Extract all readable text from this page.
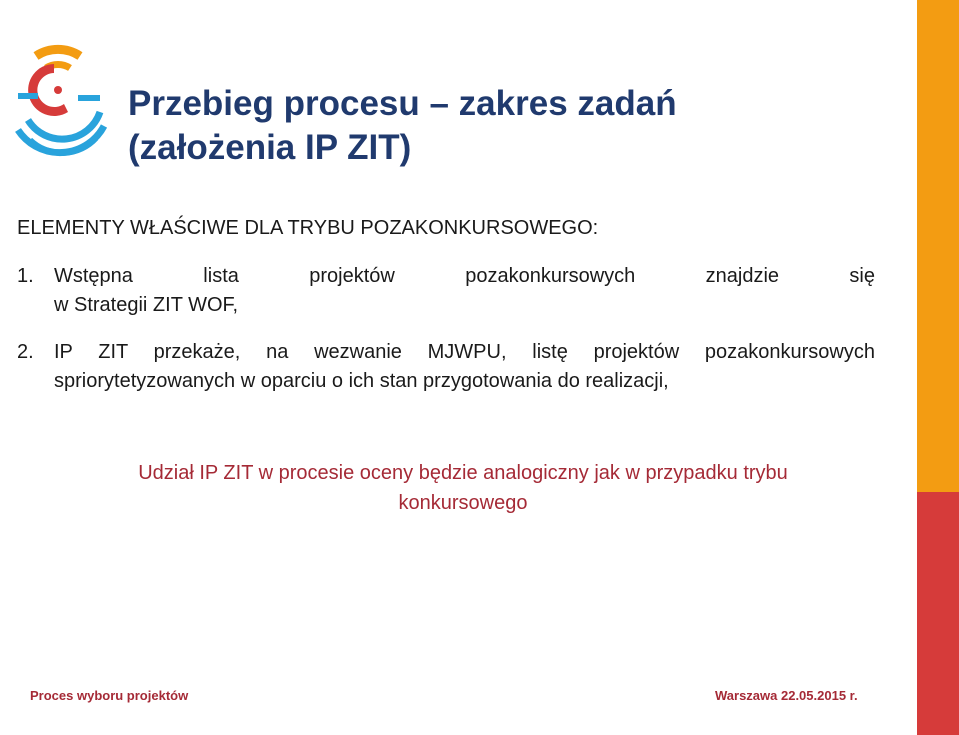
Przebieg procesu – zakres zadań
(założenia IP ZIT)
ELEMENTY WŁAŚCIWE DLA TRYBU POZAKONKURSOWEGO:
1. Wstępna lista projektów pozakonkursowych znajdzie się
w Strategii ZIT WOF,
2. IP ZIT przekaże, na wezwanie MJWPU, listę projektów pozakonkursowych
spriorytetyzowanych w oparciu o ich stan przygotowania do realizacji,
Udział IP ZIT w procesie oceny będzie analogiczny jak w przypadku trybu
konkursowego
Proces wyboru projektów	Warszawa 22.05.2015 r.
